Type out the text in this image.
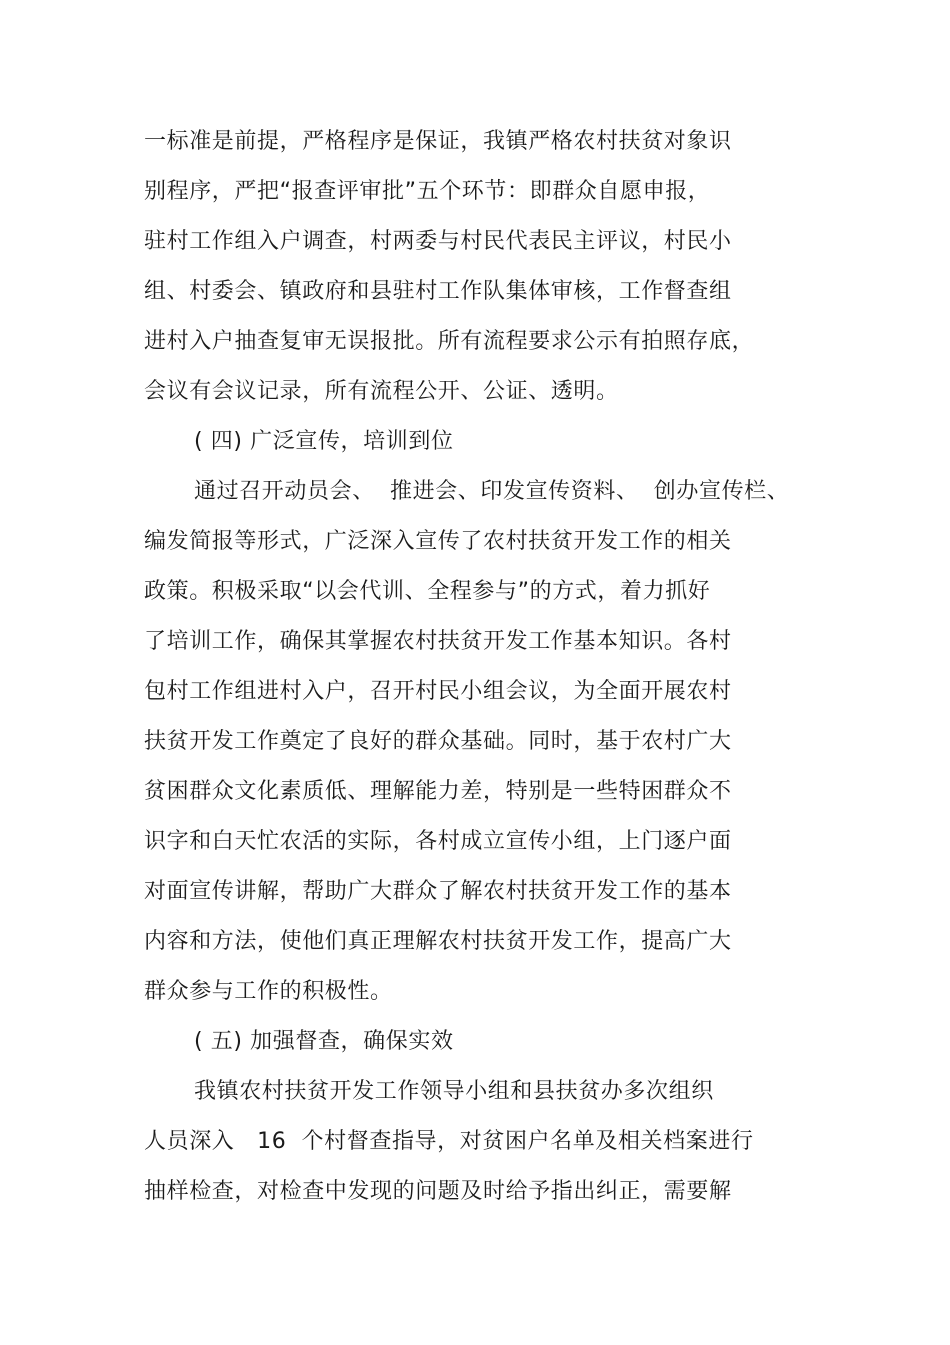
一标准是前提，严格程序是保证，我镇严格农村扶贫对象识
别程序，严把“报查评审批”五个环节：即群众自愿申报，
驻村工作组入户调查，村两委与村民代表民主评议，村民小
组、村委会、镇政府和县驻村工作队集体审核，工作督查组
进村入户抽查复审无误报批。所有流程要求公示有拍照存底，
会议有会议记录，所有流程公开、公证、透明。
( 四) 广泛宣传，培训到位
通过召开动员会、  推进会、印发宣传资料、  创办宣传栏、
编发简报等形式，广泛深入宣传了农村扶贫开发工作的相关
政策。积极采取“以会代训、全程参与”的方式，着力抓好
了培训工作，确保其掌握农村扶贫开发工作基本知识。各村
包村工作组进村入户，召开村民小组会议，为全面开展农村
扶贫开发工作奠定了良好的群众基础。同时，基于农村广大
贫困群众文化素质低、理解能力差，特别是一些特困群众不
识字和白天忙农活的实际，各村成立宣传小组，上门逐户面
对面宣传讲解，帮助广大群众了解农村扶贫开发工作的基本
内容和方法，使他们真正理解农村扶贫开发工作，提高广大
群众参与工作的积极性。
( 五) 加强督查，确保实效
我镇农村扶贫开发工作领导小组和县扶贫办多次组织
人员深入   16  个村督查指导，对贫困户名单及相关档案进行
抽样检查，对检查中发现的问题及时给予指出纠正，需要解
